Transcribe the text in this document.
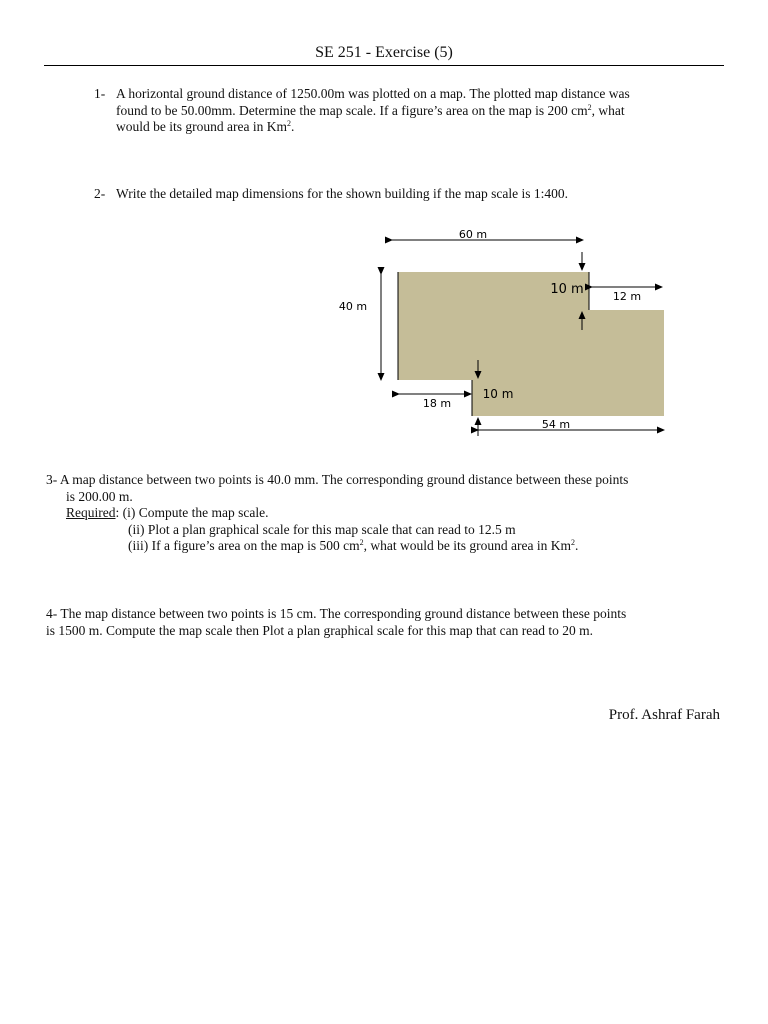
SE 251 - Exercise (5)
1- A horizontal ground distance of 1250.00m was plotted on a map. The plotted map distance was
found to be 50.00mm. Determine the map scale. If a figure’s area on the map is 200 $cm^2$, what
would be its ground area in Km$^2$.
2- Write the detailed map dimensions for the shown building if the map scale is 1:400.
60 m
40 m
10 m	12 m
18 m
10 m
54 m
3- A map distance between two points is 40.0 mm. The corresponding ground distance between these points
is 200.00 m.
Required: (i) Compute the map scale.
(ii) Plot a plan graphical scale for this map scale that can read to 12.5 m
(iii) If a figure’s area on the map is 500 $cm^2$, what would be its ground area in Km$^2$.
4- The map distance between two points is 15 cm. The corresponding ground distance between these points
is 1500 m. Compute the map scale then Plot a plan graphical scale for this map that can read to 20 m.
Prof. Ashraf Farah
